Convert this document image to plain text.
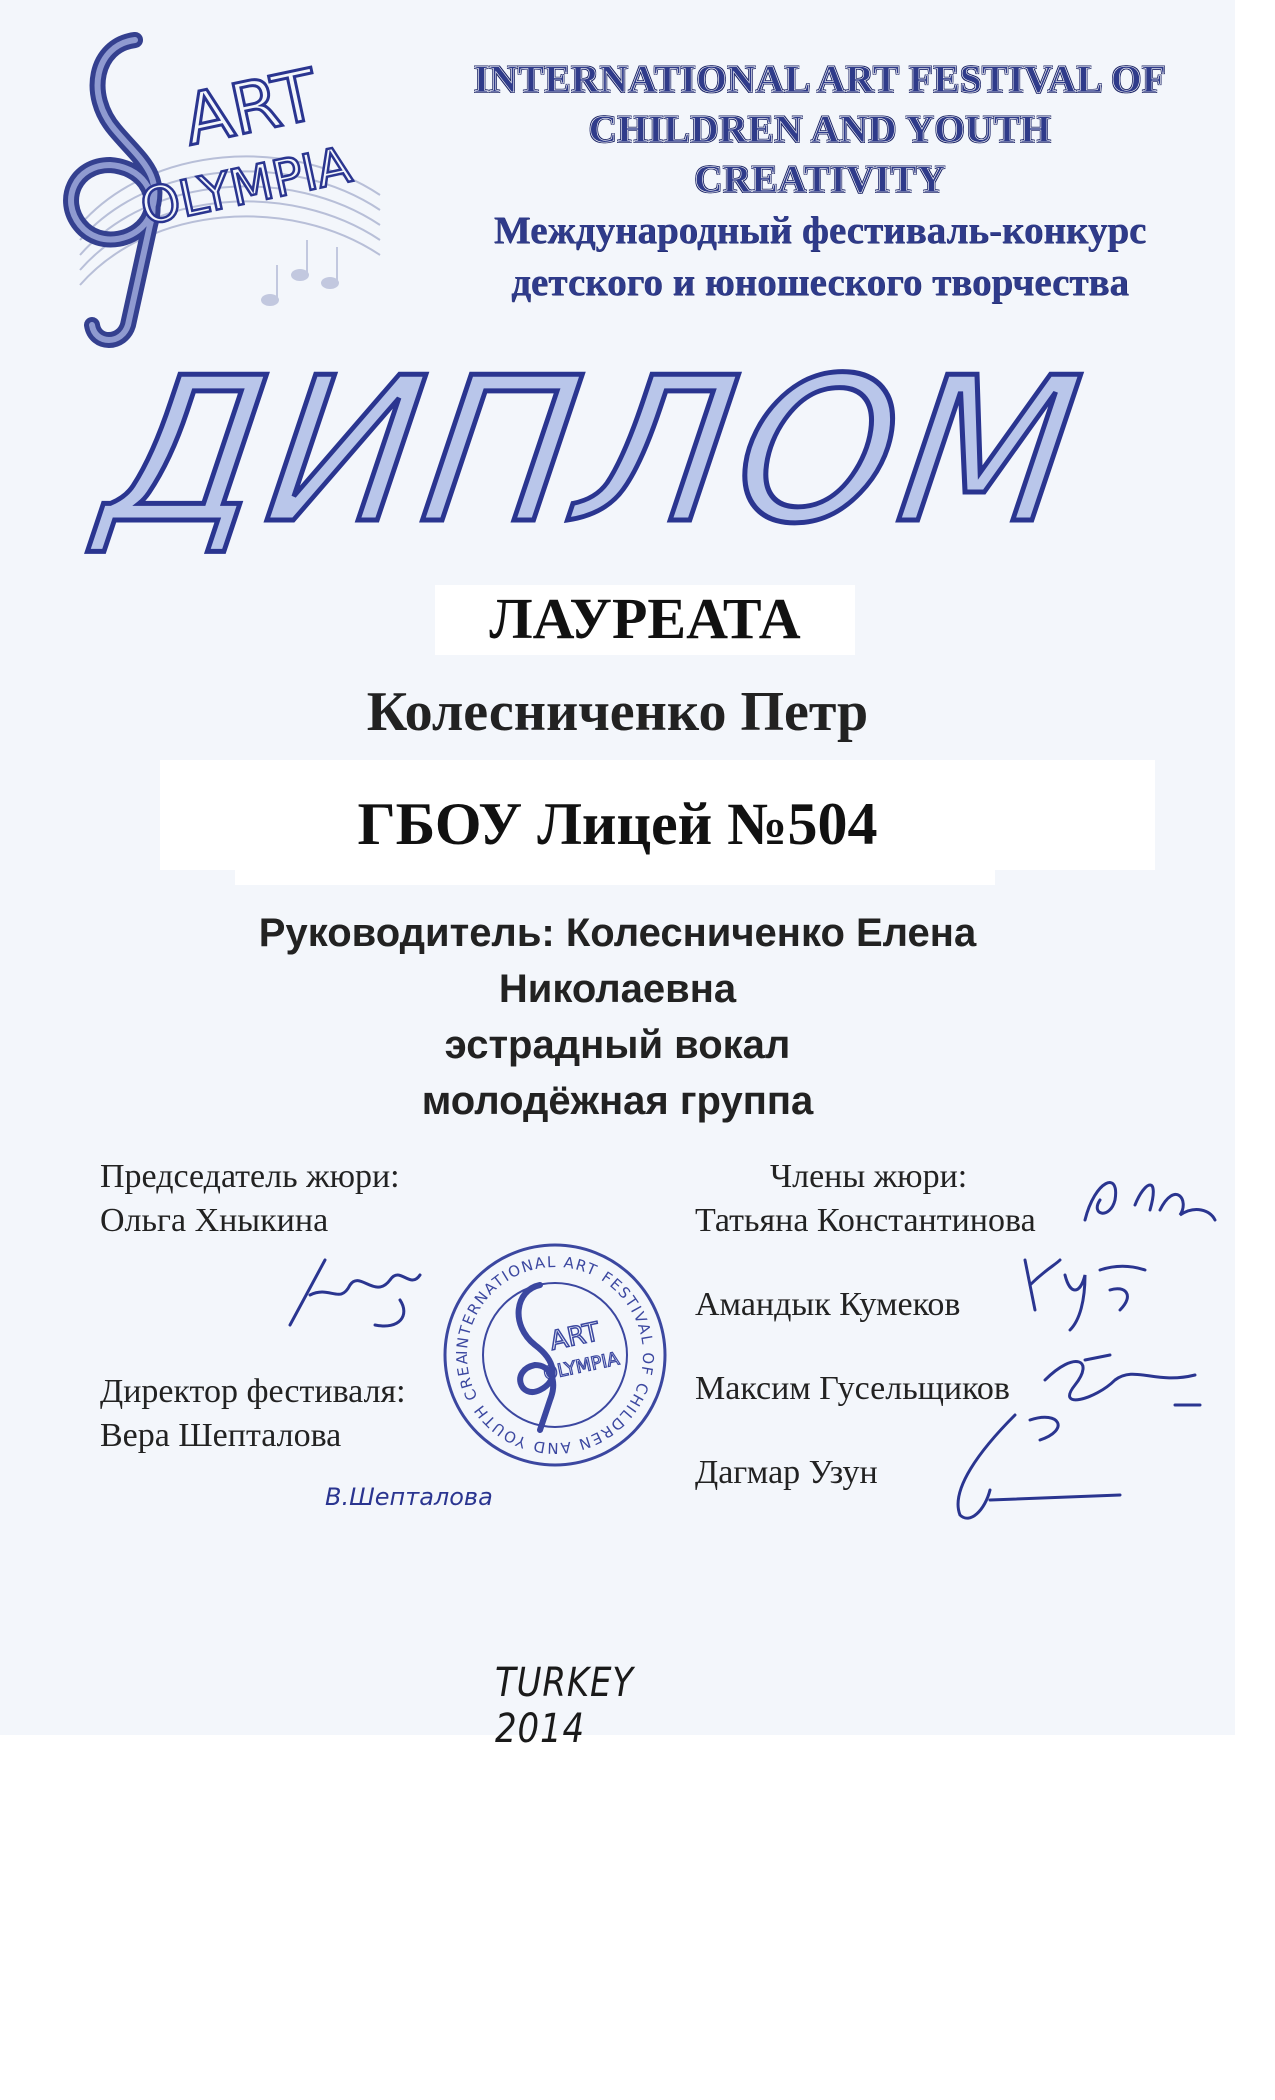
ART
OLYMPIA
INTERNATIONAL ART FESTIVAL OF
CHILDREN AND YOUTH
CREATIVITY
Международный фестиваль-конкурс
детского и юношеского творчества
ДИПЛОМ
ЛАУРЕАТА
Колесниченко Петр
ГБОУ Лицей №504
Руководитель: Колесниченко Елена
Николаевна
эстрадный вокал
молодёжная группа
Председатель жюри:
Ольга Хныкина
Директор фестиваля:
Вера Шепталова
Члены жюри:
Татьяна Константинова
Амандык Кумеков
Максим Гусельщиков
Дагмар Узун
В.Шепталова
INTERNATIONAL ART FESTIVAL OF CHILDREN AND YOUTH CREA
ART
OLYMPIA
TURKEY 2014
